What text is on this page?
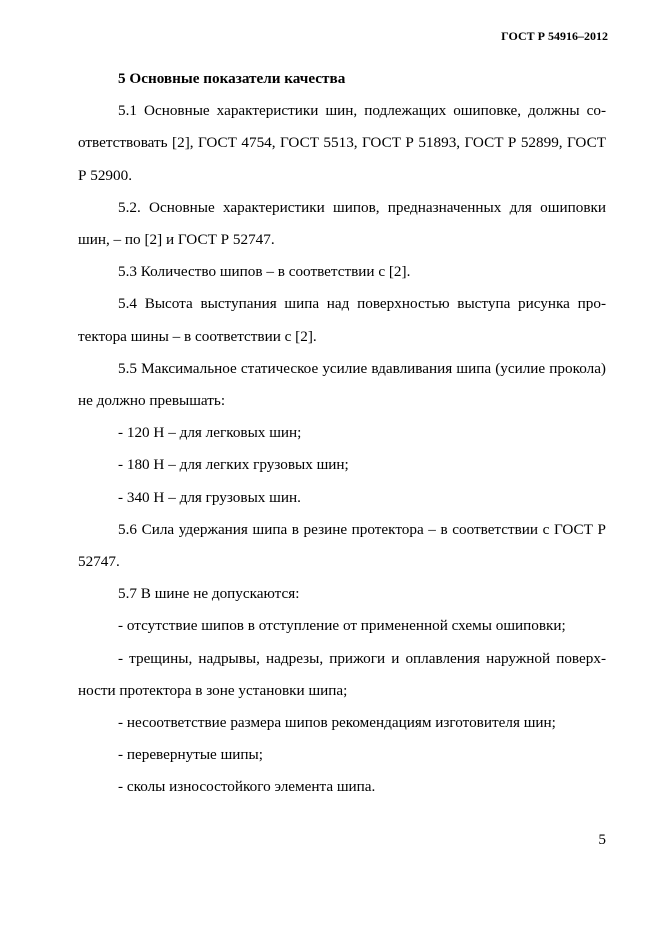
ГОСТ Р 54916–2012

5 Основные показатели качества

5.1 Основные характеристики шин, подлежащих ошиповке, должны соответствовать [2], ГОСТ 4754, ГОСТ 5513, ГОСТ Р 51893, ГОСТ Р 52899, ГОСТ Р 52900.

5.2. Основные характеристики шипов, предназначенных для ошиповки шин, – по [2] и ГОСТ Р 52747.

5.3 Количество шипов – в соответствии с [2].

5.4 Высота выступания шипа над поверхностью выступа рисунка протектора шины – в соответствии с [2].

5.5 Максимальное статическое усилие вдавливания шипа (усилие прокола) не должно превышать:

- 120 Н – для легковых шин;

- 180 Н – для легких грузовых шин;

- 340 Н – для грузовых шин.

5.6 Сила удержания шипа в резине протектора – в соответствии с ГОСТ Р 52747.

5.7 В шине не допускаются:

- отсутствие шипов в отступление от примененной схемы ошиповки;

- трещины, надрывы, надрезы, прижоги и оплавления наружной поверхности протектора в зоне установки шипа;

- несоответствие размера шипов рекомендациям изготовителя шин;

- перевернутые шипы;

- сколы износостойкого элемента шипа.

5
